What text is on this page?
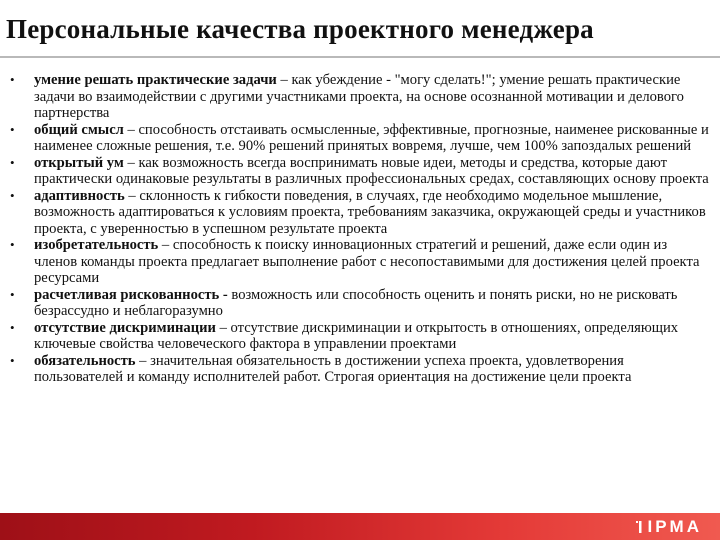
Персональные качества проектного менеджера
• умение решать практические задачи – как убеждение - "могу сделать!"; умение решать практические задачи во взаимодействии с другими участниками проекта, на основе осознанной мотивации и делового партнерства
• общий смысл – способность отстаивать осмысленные, эффективные, прогнозные, наименее рискованные и наименее сложные решения, т.е. 90% решений принятых вовремя, лучше, чем 100% запоздалых решений
• открытый ум – как возможность всегда воспринимать новые идеи, методы и средства, которые дают практически одинаковые результаты в различных профессиональных средах, составляющих основу проекта
• адаптивность – склонность к гибкости поведения, в случаях, где необходимо модельное мышление, возможность адаптироваться к условиям проекта, требованиям заказчика, окружающей среды и участников проекта, с уверенностью в успешном результате проекта
• изобретательность – способность к поиску инновационных стратегий и решений, даже если один из членов команды проекта предлагает выполнение работ с несопоставимыми для достижения целей проекта ресурсами
• расчетливая рискованность - возможность или способность оценить и понять риски, но не рисковать безрассудно и неблагоразумно
• отсутствие дискриминации – отсутствие дискриминации и открытость в отношениях, определяющих ключевые свойства человеческого фактора в управлении проектами
• обязательность – значительная обязательность в достижении успеха проекта, удовлетворения пользователей и команду исполнителей работ. Строгая ориентация на достижение цели проекта
IPMA
